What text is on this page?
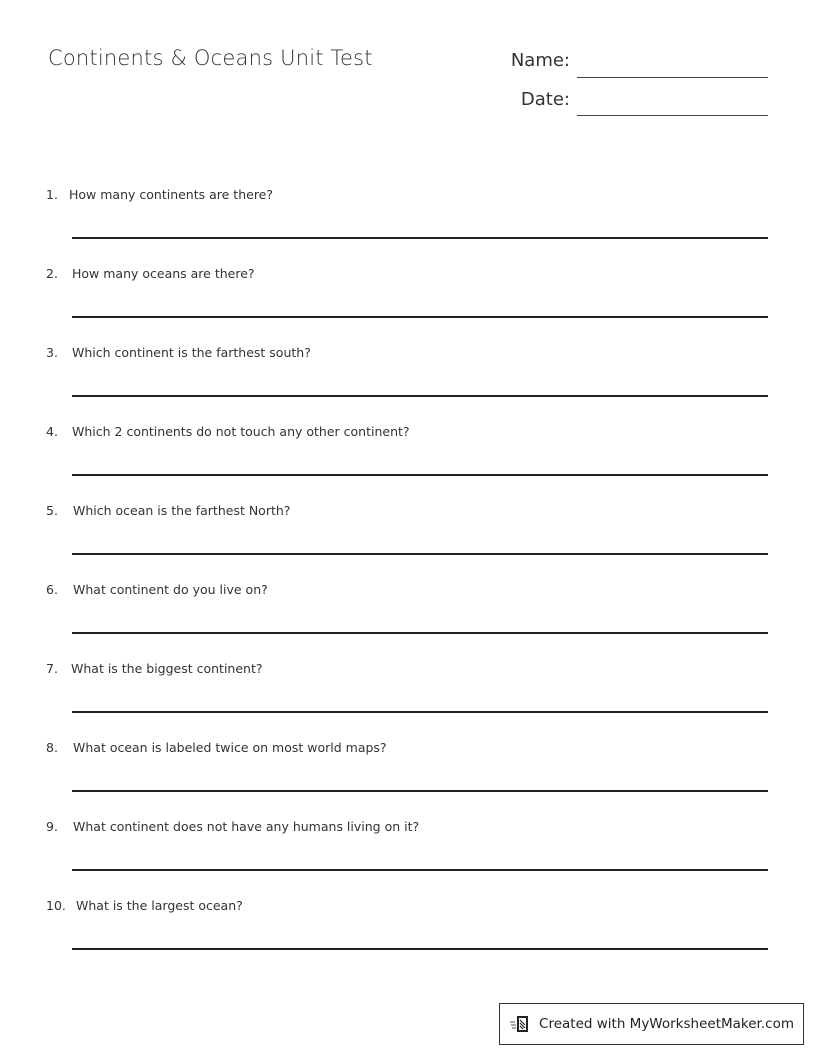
Continents & Oceans Unit Test	Name:
Date:
1. How many continents are there?
2. How many oceans are there?
3. Which continent is the farthest south?
4. Which 2 continents do not touch any other continent?
5. Which ocean is the farthest North?
6. What continent do you live on?
7. What is the biggest continent?
8. What ocean is labeled twice on most world maps?
9. What continent does not have any humans living on it?
10. What is the largest ocean?
Created with MyWorksheetMaker.com
